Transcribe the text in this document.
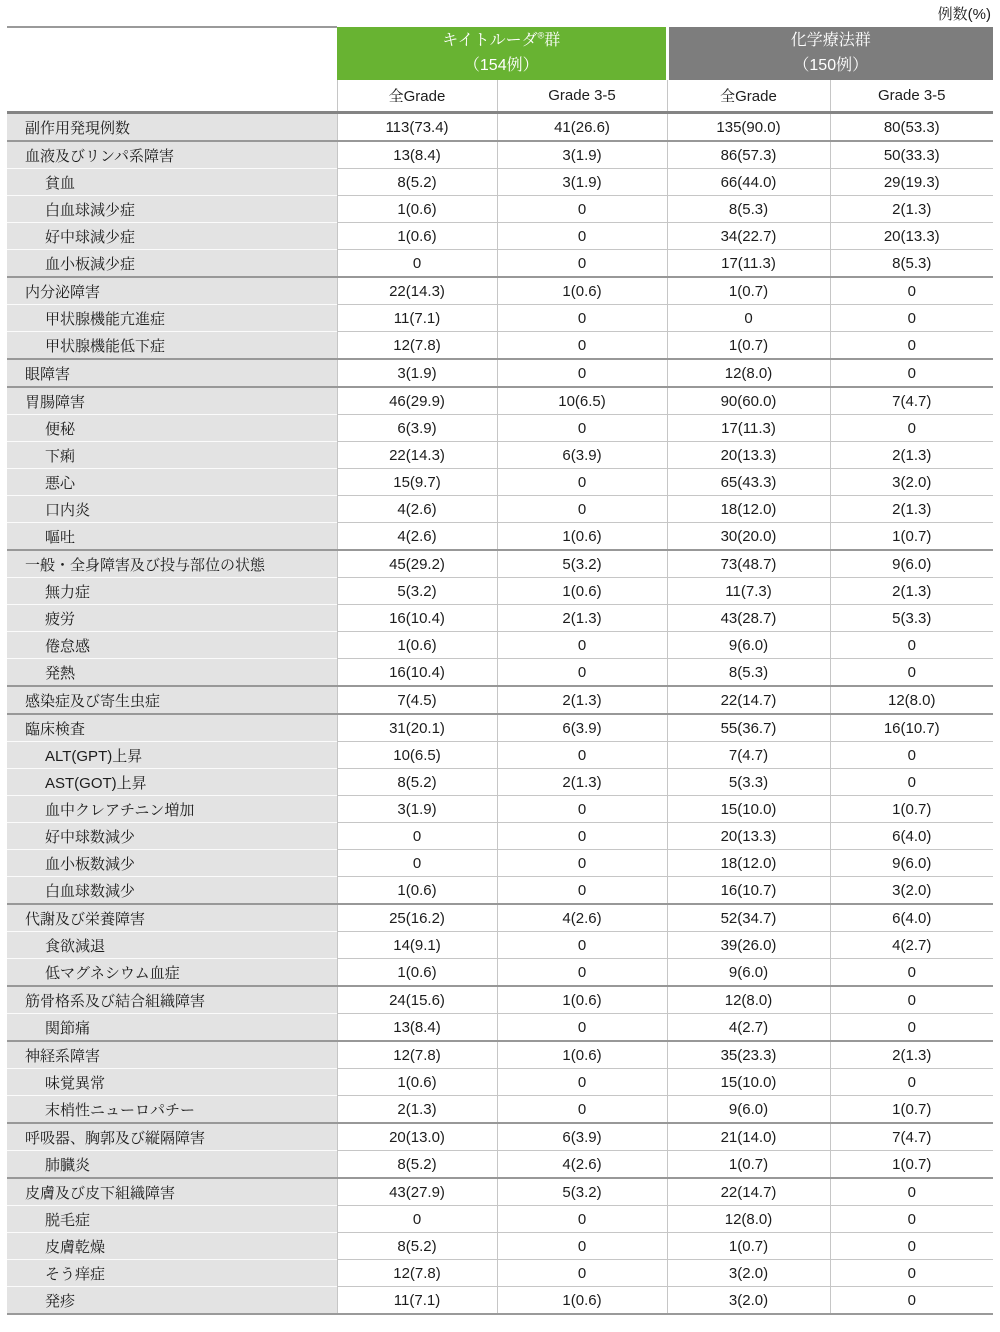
例数(%)
	キイトルーダ®群
（154例）		化学療法群
（150例）	
	全Grade	Grade 3-5	全Grade	Grade 3-5
副作用発現例数	113(73.4)	41(26.6)	135(90.0)	80(53.3)
血液及びリンパ系障害	13(8.4)	3(1.9)	86(57.3)	50(33.3)
貧血	8(5.2)	3(1.9)	66(44.0)	29(19.3)
白血球減少症	1(0.6)	0	8(5.3)	2(1.3)
好中球減少症	1(0.6)	0	34(22.7)	20(13.3)
血小板減少症	0	0	17(11.3)	8(5.3)
内分泌障害	22(14.3)	1(0.6)	1(0.7)	0
甲状腺機能亢進症	11(7.1)	0	0	0
甲状腺機能低下症	12(7.8)	0	1(0.7)	0
眼障害	3(1.9)	0	12(8.0)	0
胃腸障害	46(29.9)	10(6.5)	90(60.0)	7(4.7)
便秘	6(3.9)	0	17(11.3)	0
下痢	22(14.3)	6(3.9)	20(13.3)	2(1.3)
悪心	15(9.7)	0	65(43.3)	3(2.0)
口内炎	4(2.6)	0	18(12.0)	2(1.3)
嘔吐	4(2.6)	1(0.6)	30(20.0)	1(0.7)
一般・全身障害及び投与部位の状態	45(29.2)	5(3.2)	73(48.7)	9(6.0)
無力症	5(3.2)	1(0.6)	11(7.3)	2(1.3)
疲労	16(10.4)	2(1.3)	43(28.7)	5(3.3)
倦怠感	1(0.6)	0	9(6.0)	0
発熱	16(10.4)	0	8(5.3)	0
感染症及び寄生虫症	7(4.5)	2(1.3)	22(14.7)	12(8.0)
臨床検査	31(20.1)	6(3.9)	55(36.7)	16(10.7)
ALT(GPT)上昇	10(6.5)	0	7(4.7)	0
AST(GOT)上昇	8(5.2)	2(1.3)	5(3.3)	0
血中クレアチニン増加	3(1.9)	0	15(10.0)	1(0.7)
好中球数減少	0	0	20(13.3)	6(4.0)
血小板数減少	0	0	18(12.0)	9(6.0)
白血球数減少	1(0.6)	0	16(10.7)	3(2.0)
代謝及び栄養障害	25(16.2)	4(2.6)	52(34.7)	6(4.0)
食欲減退	14(9.1)	0	39(26.0)	4(2.7)
低マグネシウム血症	1(0.6)	0	9(6.0)	0
筋骨格系及び結合組織障害	24(15.6)	1(0.6)	12(8.0)	0
関節痛	13(8.4)	0	4(2.7)	0
神経系障害	12(7.8)	1(0.6)	35(23.3)	2(1.3)
味覚異常	1(0.6)	0	15(10.0)	0
末梢性ニューロパチー	2(1.3)	0	9(6.0)	1(0.7)
呼吸器、胸郭及び縦隔障害	20(13.0)	6(3.9)	21(14.0)	7(4.7)
肺臓炎	8(5.2)	4(2.6)	1(0.7)	1(0.7)
皮膚及び皮下組織障害	43(27.9)	5(3.2)	22(14.7)	0
脱毛症	0	0	12(8.0)	0
皮膚乾燥	8(5.2)	0	1(0.7)	0
そう痒症	12(7.8)	0	3(2.0)	0
発疹	11(7.1)	1(0.6)	3(2.0)	0
